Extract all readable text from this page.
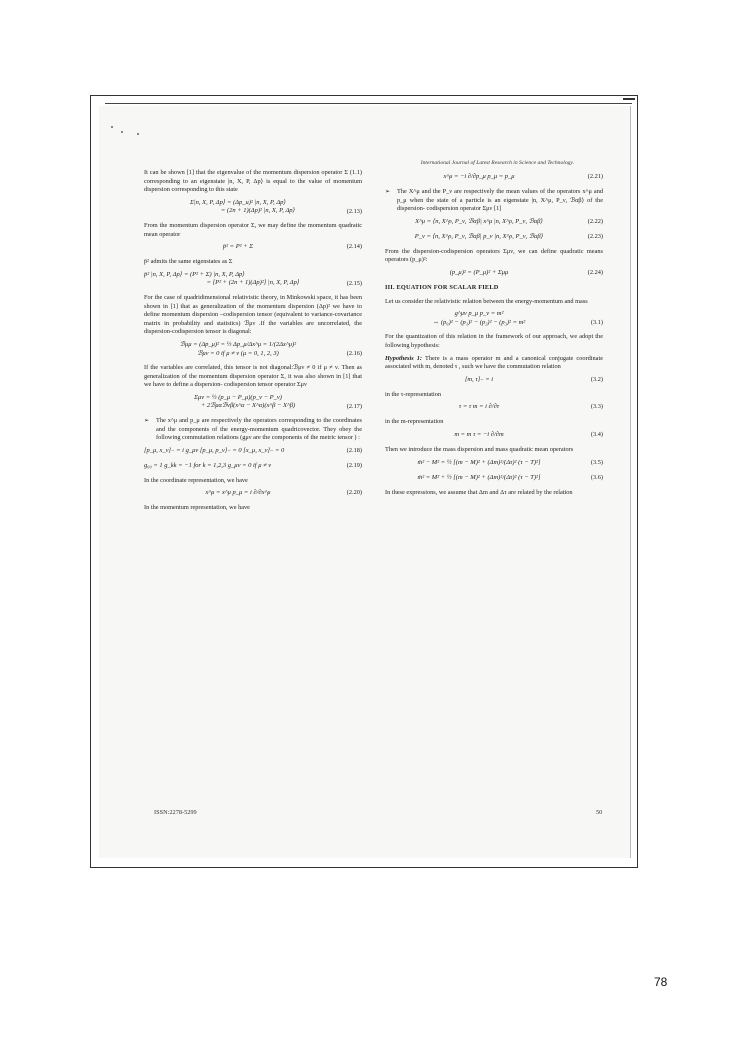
International Journal of Latest Research in Science and Technology.

It can be shown [1] that the eigenvalue of the momentum dispersion operator Σ (1.1) corresponding to an eigenstate |n, X, P, Δp⟩ is equal to the value of momentum dispersion corresponding to this state

Σ|n, X, P, Δp⟩ = (Δp_u)² |n, X, P, Δp⟩
= (2n + 1)(Δp)² |n, X, P, Δp⟩	(2.13)

From the momentum dispersion operator Σ, we may define the momentum quadratic mean operator

p̄² = P² + Σ	(2.14)

p̄² admits the same eigenstates as Σ

p̄² |n, X, P, Δp⟩ = (P² + Σ) |n, X, P, Δp⟩
= [P² + (2n + 1)(Δp)²] |n, X, P, Δp⟩	(2.15)

For the case of quadridimensional relativistic theory, in Minkowski space, it has been shown in [1] that as generalization of the momentum dispersion (Δp)² we have to define momentum dispersion –codispersion tensor (equivalent to variance-covariance matrix in probability and statistics) ℬμν .If the variables are uncorrelated, the dispersion-codispersion tensor is diagonal:

ℬμμ = (Δp_μ)² = ½ Δp_μ/Δx^μ = 1/(2Δx^μ)²
ℬμν = 0 if μ ≠ ν (μ = 0, 1, 2, 3)	(2.16)

If the variables are correlated, this tensor is not diagonal:ℬμν ≠ 0 if μ ≠ ν. Then as generalization of the momentum dispersion operator Σ, it was also shown in [1] that we have to define a dispersion- codispersion tensor operator Σμν

Σμν = ½ (p_μ − P_μ)(p_ν − P_ν)
+ 2ℬμαℬνβ(x^α − X^α)(x^β − X^β)	(2.17)

➢ The x^μ and p_μ are respectively the operators corresponding to the coordinates and the components of the energy-momentum quadricovector. They obey the following commutation relations (gμν are the components of the metric tensor ) :

[p_μ, x_ν]₋ = i g_μν [p_μ, p_ν]₋ = 0 [x_μ, x_ν]₋ = 0	(2.18)
g₀₀ = 1 g_kk = −1 for k = 1,2,3 g_μν = 0 if μ ≠ ν	(2.19)

In the coordinate representation, we have

x^μ = x^μ p_μ = i ∂/∂x^μ	(2.20)

In the momentum representation, we have

x^μ = −i ∂/∂p_μ p_μ = p_μ	(2.21)

➢ The X^μ and the P_ν are respectively the mean values of the operators x^μ and p_μ when the state of a particle is an eigenstate |n, X^μ, P_ν, ℬαβ⟩ of the dispersion- codispersion operator Σμν [1]

X^μ = ⟨n, X^ρ, P_ν, ℬαβ| x^μ |n, X^ρ, P_ν, ℬαβ⟩	(2.22)
P_ν = ⟨n, X^ρ, P_ν, ℬαβ| p_ν |n, X^ρ, P_ν, ℬαβ⟩	(2.23)

From the dispersion-codispersion operators Σμν, we can define quadratic means operators (p_μ)²:

(p_μ)² = (P_μ)² + Σμμ	(2.24)
III. EQUATION FOR SCALAR FIELD

Let us consider the relativistic relation between the energy-momentum and mass

g^μν p_μ p_ν = m²
⇔ (p₀)² − (p₁)² − (p₂)² − (p₃)² = m²	(3.1)

For the quantization of this relation in the framework of our approach, we adopt the following hypothesis:

Hypothesis 1: There is a mass operator m and a canonical conjugate coordinate associated with m, denoted τ , such we have the commutation relation

[m, τ]₋ = i	(3.2)

in the τ-representation

τ = τ m = i ∂/∂τ	(3.3)

in the m-representation

m = m τ = −i ∂/∂m	(3.4)

Then we introduce the mass dispersion and mass quadratic mean operators

m̄² − M² = ½ [(m − M)² + (Δm)²/(Δτ)² (τ − T)²]	(3.5)
m̄² = M² + ½ [(m − M)² + (Δm)²/(Δτ)² (τ − T)²]	(3.6)

In these expressions, we assume that Δm and Δτ are related by the relation

ISSN:2278-5299	50
78
